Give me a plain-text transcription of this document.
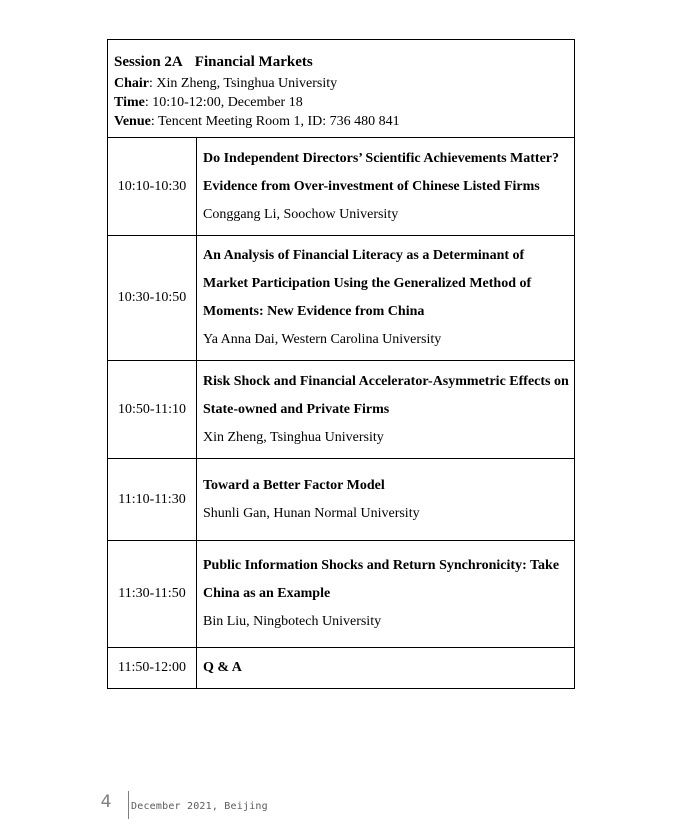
Session 2A Financial Markets
Chair: Xin Zheng, Tsinghua University
Time: 10:10-12:00, December 18
Venue: Tencent Meeting Room 1, ID: 736 480 841	

10:10-10:30	Do Independent Directors’ Scientific Achievements Matter?
Evidence from Over-investment of Chinese Listed Firms
Conggang Li, Soochow University

10:30-10:50	An Analysis of Financial Literacy as a Determinant of
Market Participation Using the Generalized Method of
Moments: New Evidence from China
Ya Anna Dai, Western Carolina University

10:50-11:10	Risk Shock and Financial Accelerator-Asymmetric Effects on
State-owned and Private Firms
Xin Zheng, Tsinghua University

11:10-11:30	Toward a Better Factor Model
Shunli Gan, Hunan Normal University

11:30-11:50	Public Information Shocks and Return Synchronicity: Take
China as an Example
Bin Liu, Ningbotech University

11:50-12:00	Q & A
4	December 2021, Beijing
